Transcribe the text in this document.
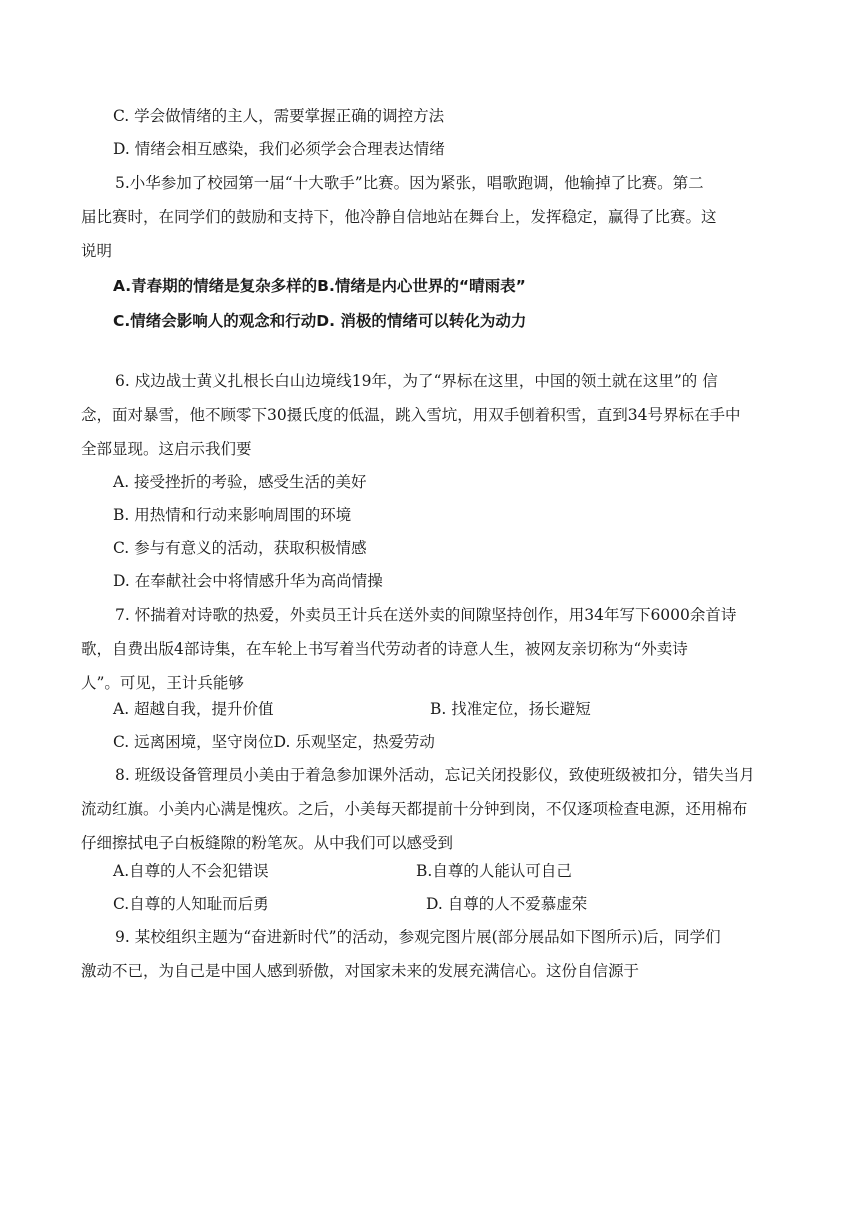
C. 学会做情绪的主人，需要掌握正确的调控方法
D. 情绪会相互感染，我们必须学会合理表达情绪
5.小华参加了校园第一届“十大歌手”比赛。因为紧张，唱歌跑调，他输掉了比赛。第二
届比赛时，在同学们的鼓励和支持下，他冷静自信地站在舞台上，发挥稳定，赢得了比赛。这
说明
A.青春期的情绪是复杂多样的B.情绪是内心世界的“晴雨表”
C.情绪会影响人的观念和行动D. 消极的情绪可以转化为动力
6. 戍边战士黄义扎根长白山边境线19年，为了“界标在这里，中国的领土就在这里”的 信
念，面对暴雪，他不顾零下30摄氏度的低温，跳入雪坑，用双手刨着积雪，直到34号界标在手中
全部显现。这启示我们要
A. 接受挫折的考验，感受生活的美好
B. 用热情和行动来影响周围的环境
C. 参与有意义的活动，获取积极情感
D. 在奉献社会中将情感升华为高尚情操
7. 怀揣着对诗歌的热爱，外卖员王计兵在送外卖的间隙坚持创作，用34年写下6000余首诗
歌，自费出版4部诗集，在车轮上书写着当代劳动者的诗意人生，被网友亲切称为“外卖诗
人”。可见，王计兵能够
A. 超越自我，提升价值	B. 找准定位，扬长避短
C. 远离困境，坚守岗位D. 乐观坚定，热爱劳动
8. 班级设备管理员小美由于着急参加课外活动，忘记关闭投影仪，致使班级被扣分，错失当月
流动红旗。小美内心满是愧疚。之后，小美每天都提前十分钟到岗，不仅逐项检查电源，还用棉布
仔细擦拭电子白板缝隙的粉笔灰。从中我们可以感受到
A.自尊的人不会犯错误	B.自尊的人能认可自己
C.自尊的人知耻而后勇	D. 自尊的人不爱慕虚荣
9. 某校组织主题为“奋进新时代”的活动，参观完图片展(部分展品如下图所示)后，同学们
激动不已，为自己是中国人感到骄傲，对国家未来的发展充满信心。这份自信源于
